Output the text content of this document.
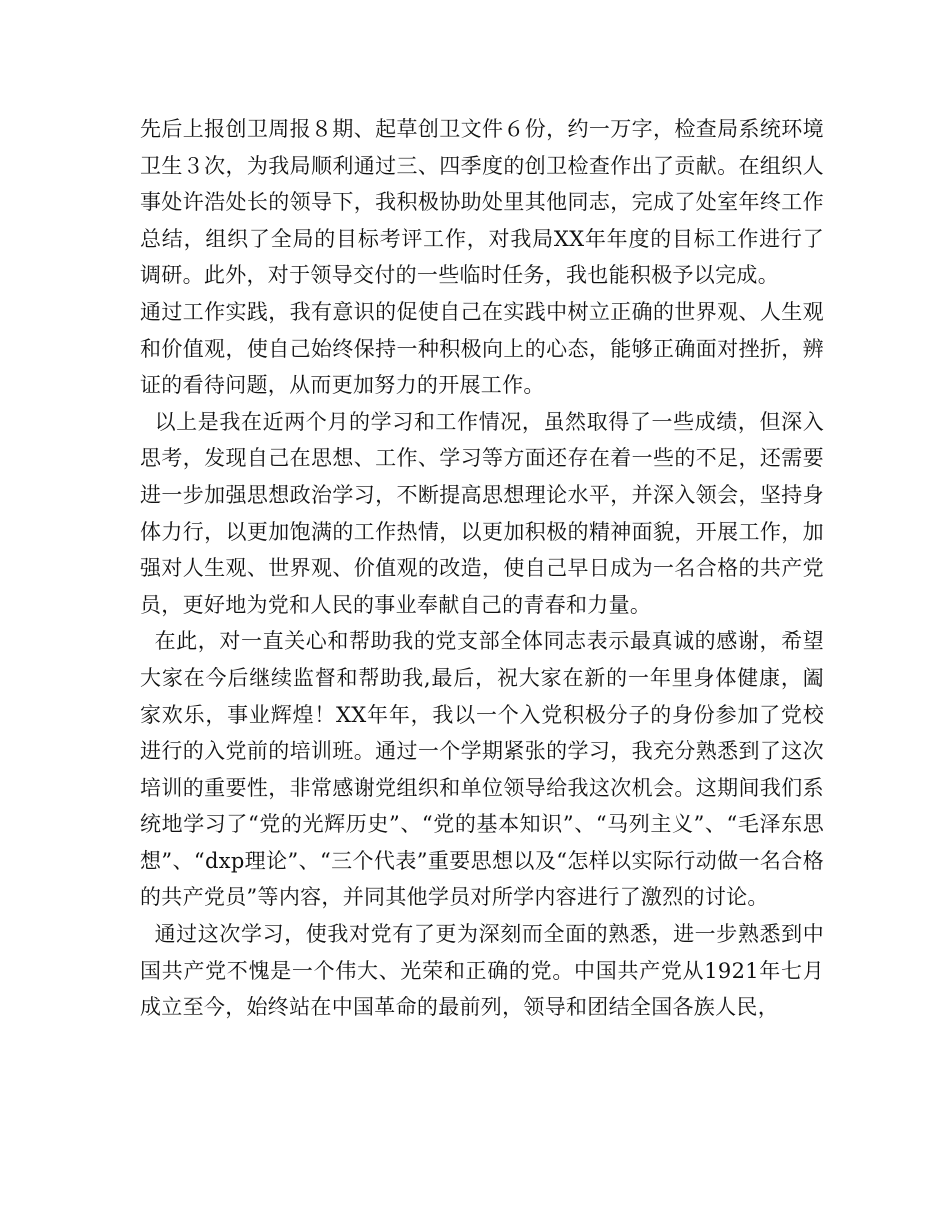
先后上报创卫周报８期、起草创卫文件６份，约一万字，检查局系统环境卫生３次，为我局顺利通过三、四季度的创卫检查作出了贡献。在组织人事处许浩处长的领导下，我积极协助处里其他同志，完成了处室年终工作总结，组织了全局的目标考评工作，对我局XX年年度的目标工作进行了调研。此外，对于领导交付的一些临时任务，我也能积极予以完成。

通过工作实践，我有意识的促使自己在实践中树立正确的世界观、人生观和价值观，使自己始终保持一种积极向上的心态，能够正确面对挫折，辨证的看待问题，从而更加努力的开展工作。

以上是我在近两个月的学习和工作情况，虽然取得了一些成绩，但深入思考，发现自己在思想、工作、学习等方面还存在着一些的不足，还需要进一步加强思想政治学习，不断提高思想理论水平，并深入领会，坚持身体力行，以更加饱满的工作热情，以更加积极的精神面貌，开展工作，加强对人生观、世界观、价值观的改造，使自己早日成为一名合格的共产党员，更好地为党和人民的事业奉献自己的青春和力量。

在此，对一直关心和帮助我的党支部全体同志表示最真诚的感谢，希望大家在今后继续监督和帮助我,最后，祝大家在新的一年里身体健康，阖家欢乐，事业辉煌！XX年年，我以一个入党积极分子的身份参加了党校进行的入党前的培训班。通过一个学期紧张的学习，我充分熟悉到了这次培训的重要性，非常感谢党组织和单位领导给我这次机会。这期间我们系统地学习了“党的光辉历史”、“党的基本知识”、“马列主义”、“毛泽东思想”、“dxp理论”、“三个代表”重要思想以及“怎样以实际行动做一名合格的共产党员”等内容，并同其他学员对所学内容进行了激烈的讨论。

通过这次学习，使我对党有了更为深刻而全面的熟悉，进一步熟悉到中国共产党不愧是一个伟大、光荣和正确的党。中国共产党从1921年七月成立至今，始终站在中国革命的最前列，领导和团结全国各族人民，
